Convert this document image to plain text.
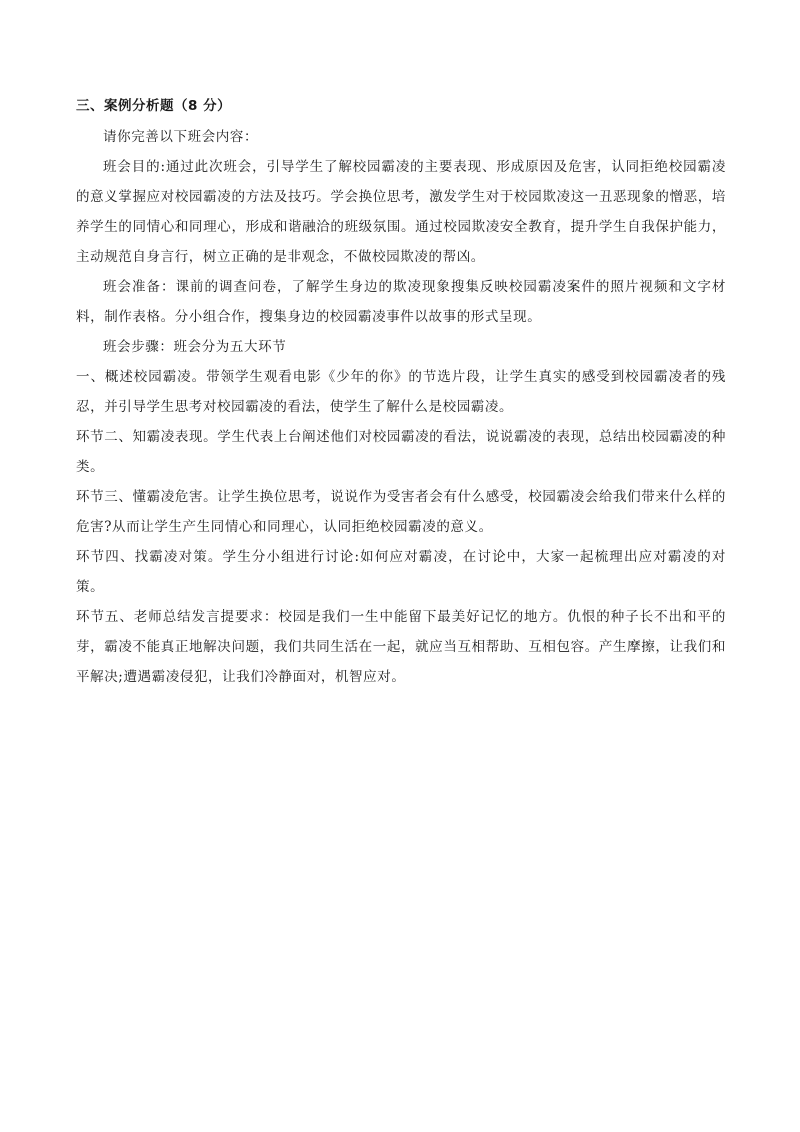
三、案例分析题（8 分）

请你完善以下班会内容：

班会目的:通过此次班会，引导学生了解校园霸凌的主要表现、形成原因及危害，认同拒绝校园霸凌的意义掌握应对校园霸凌的方法及技巧。学会换位思考，激发学生对于校园欺凌这一丑恶现象的憎恶，培养学生的同情心和同理心，形成和谐融洽的班级氛围。通过校园欺凌安全教育，提升学生自我保护能力，主动规范自身言行，树立正确的是非观念，不做校园欺凌的帮凶。

班会准备：课前的调查问卷，了解学生身边的欺凌现象搜集反映校园霸凌案件的照片视频和文字材料，制作表格。分小组合作，搜集身边的校园霸凌事件以故事的形式呈现。

班会步骤：班会分为五大环节

一、概述校园霸凌。带领学生观看电影《少年的你》的节选片段，让学生真实的感受到校园霸凌者的残忍，并引导学生思考对校园霸凌的看法，使学生了解什么是校园霸凌。

环节二、知霸凌表现。学生代表上台阐述他们对校园霸凌的看法，说说霸凌的表现，总结出校园霸凌的种类。

环节三、懂霸凌危害。让学生换位思考，说说作为受害者会有什么感受，校园霸凌会给我们带来什么样的危害?从而让学生产生同情心和同理心，认同拒绝校园霸凌的意义。

环节四、找霸凌对策。学生分小组进行讨论:如何应对霸凌，在讨论中，大家一起梳理出应对霸凌的对策。

环节五、老师总结发言提要求：校园是我们一生中能留下最美好记忆的地方。仇恨的种子长不出和平的芽，霸凌不能真正地解决问题，我们共同生活在一起，就应当互相帮助、互相包容。产生摩擦，让我们和平解决;遭遇霸凌侵犯，让我们冷静面对，机智应对。
